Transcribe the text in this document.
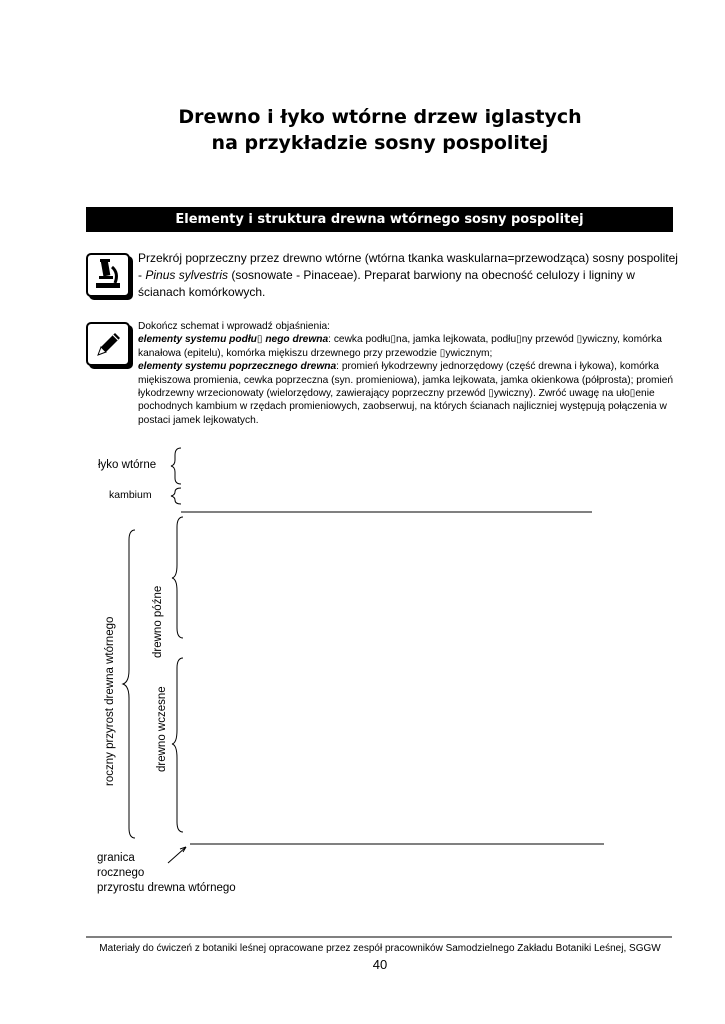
Drewno i łyko wtórne drzew iglastych
na przykładzie sosny pospolitej
Elementy i struktura drewna wtórnego sosny pospolitej

Przekrój poprzeczny przez drewno wtórne (wtórna tkanka waskularna=przewodząca) sosny pospolitej - Pinus sylvestris (sosnowate - Pinaceae). Preparat barwiony na obecność celulozy i ligniny w ścianach komórkowych.

Dokończ schemat i wprowadź objaśnienia:

elementy systemu podłu▯ nego drewna: cewka podłu▯na, jamka lejkowata, podłu▯ny przewód ▯ywiczny, komórka kanałowa (epitelu), komórka miękiszu drzewnego przy przewodzie ▯ywicznym;

elementy systemu poprzecznego drewna: promień łykodrzewny jednorzędowy (część drewna i łykowa), komórka miękiszowa promienia, cewka poprzeczna (syn. promieniowa), jamka lejkowata, jamka okienkowa (półprosta); promień łykodrzewny wrzecionowaty (wielorzędowy, zawierający poprzeczny przewód ▯ywiczny). Zwróć uwagę na uło▯enie pochodnych kambium w rzędach promieniowych, zaobserwuj, na których ścianach najliczniej występują połączenia w postaci jamek lejkowatych.

łyko wtórne
kambium
roczny przyrost drewna wtórnego	drewno późne
drewno wczesne
granica
rocznego
przyrostu drewna wtórnego
Materiały do ćwiczeń z botaniki leśnej opracowane przez zespół pracowników Samodzielnego Zakładu Botaniki Leśnej, SGGW
40
